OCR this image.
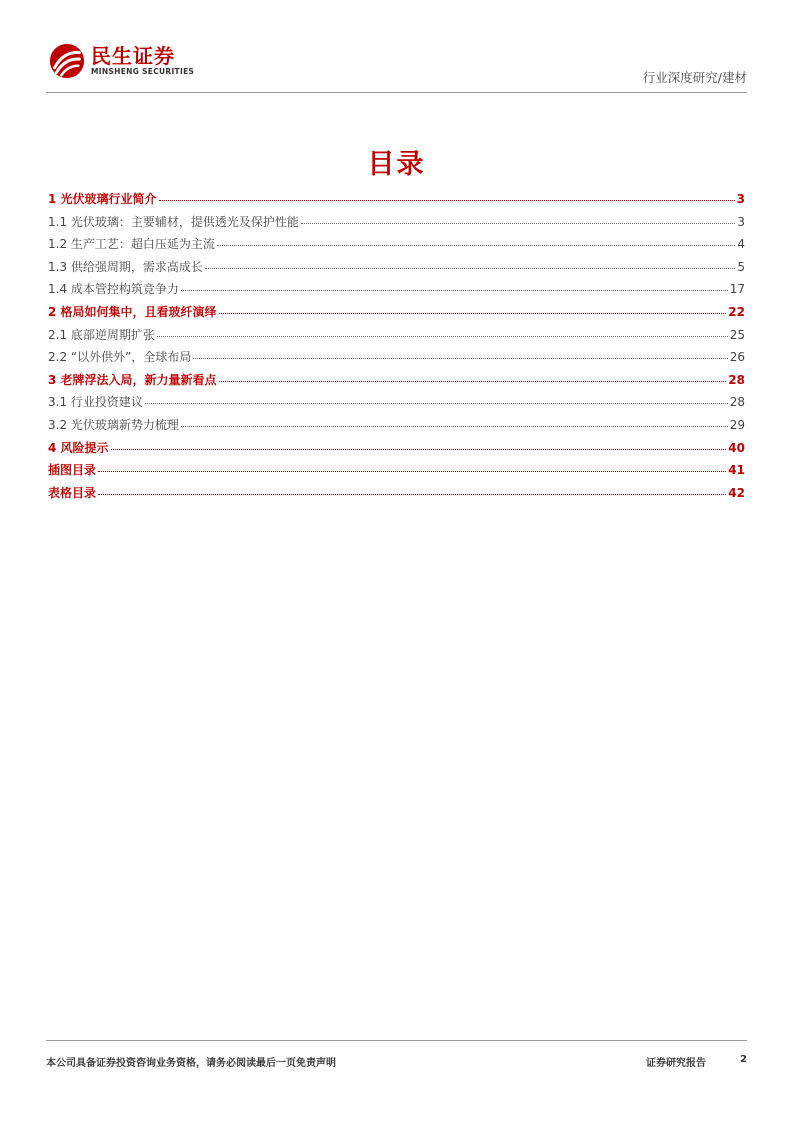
民生证券
MINSHENG SECURITIES	行业深度研究/建材
目录
1 光伏玻璃行业简介	3
1.1 光伏玻璃：主要辅材，提供透光及保护性能	3
1.2 生产工艺：超白压延为主流	4
1.3 供给强周期，需求高成长	5
1.4 成本管控构筑竞争力	17
2 格局如何集中，且看玻纤演绎	22
2.1 底部逆周期扩张	25
2.2 “以外供外”，全球布局	26
3 老牌浮法入局，新力量新看点	28
3.1 行业投资建议	28
3.2 光伏玻璃新势力梳理	29
4 风险提示	40
插图目录	41
表格目录	42
本公司具备证券投资咨询业务资格，请务必阅读最后一页免责声明	证券研究报告	2
